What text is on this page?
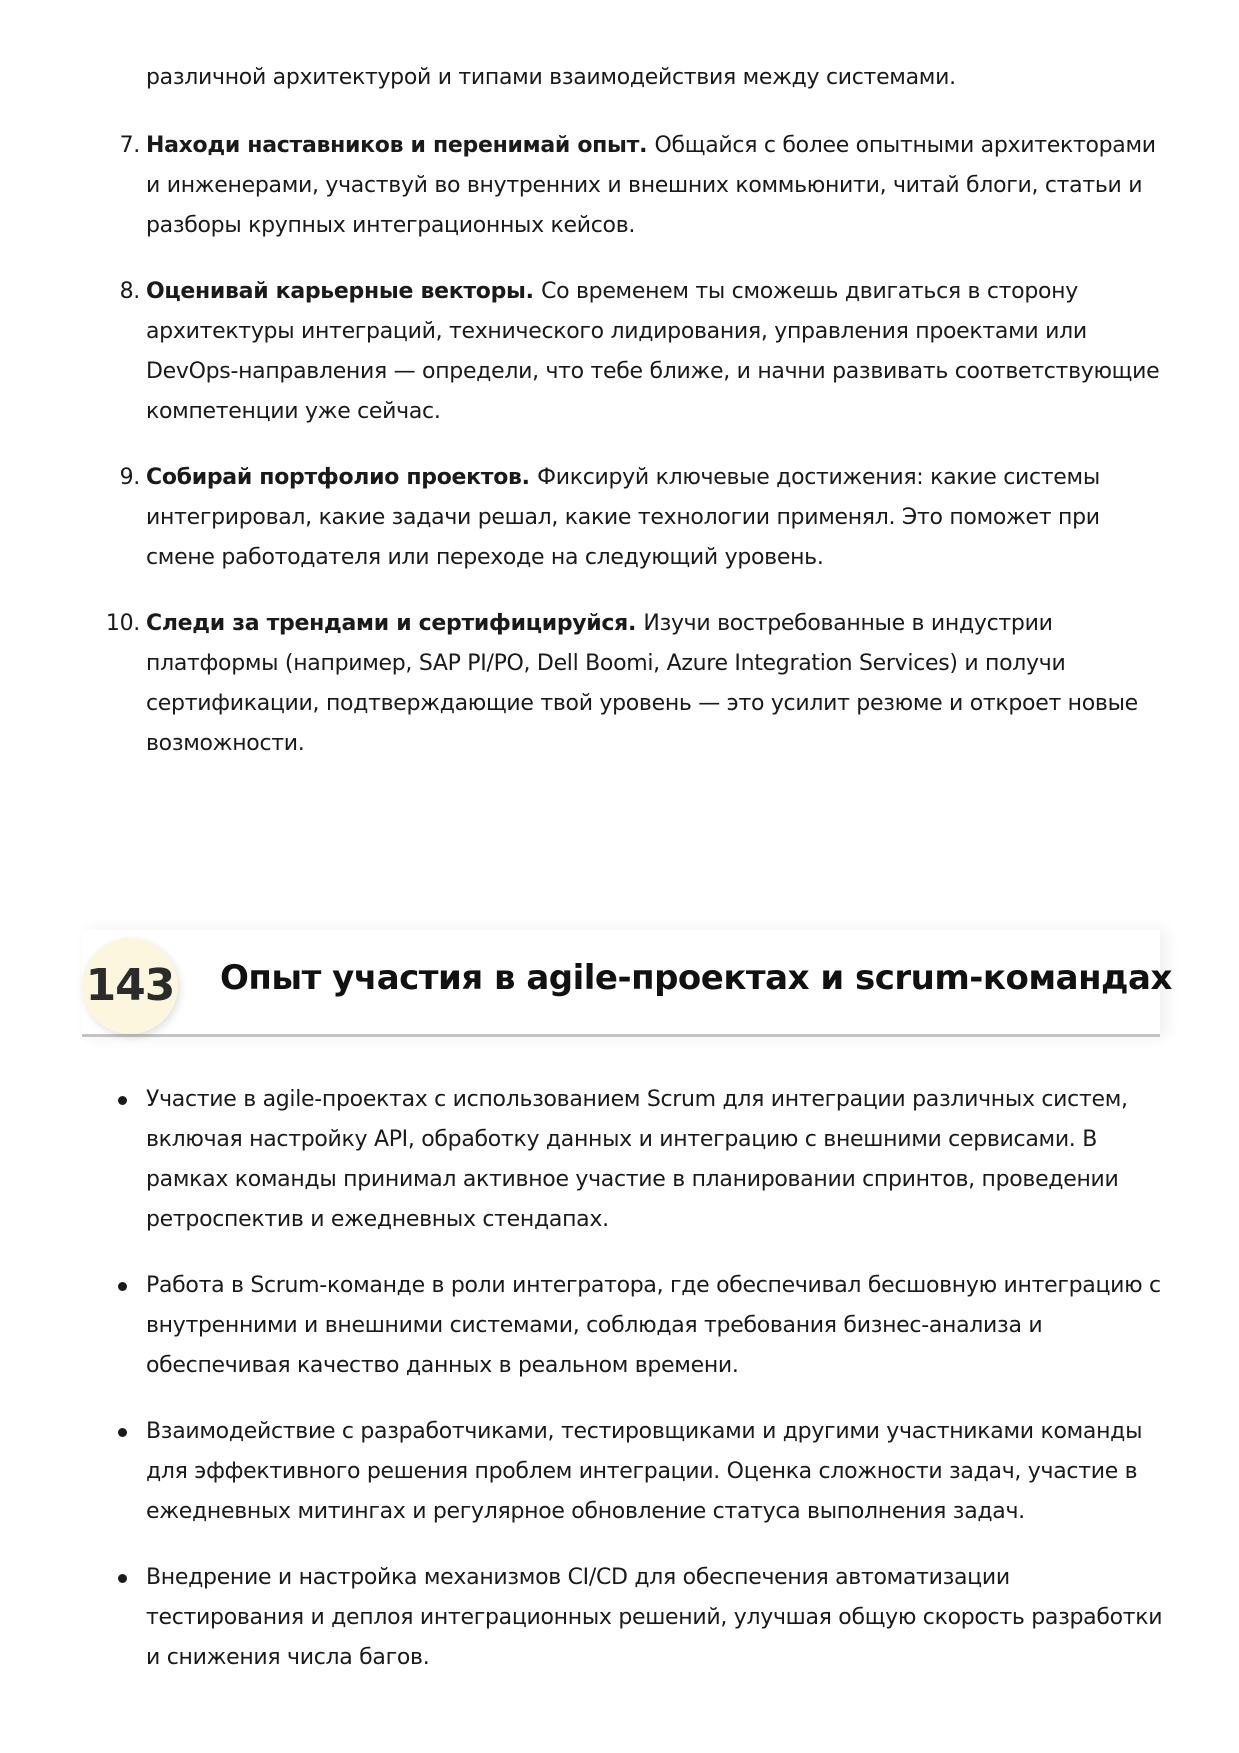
различной архитектурой и типами взаимодействия между системами.

7. Находи наставников и перенимай опыт. Общайся с более опытными архитекторами и инженерами, участвуй во внутренних и внешних коммьюнити, читай блоги, статьи и разборы крупных интеграционных кейсов.
8. Оценивай карьерные векторы. Со временем ты сможешь двигаться в сторону архитектуры интеграций, технического лидирования, управления проектами или DevOps-направления — определи, что тебе ближе, и начни развивать соответствующие компетенции уже сейчас.
9. Собирай портфолио проектов. Фиксируй ключевые достижения: какие системы интегрировал, какие задачи решал, какие технологии применял. Это поможет при смене работодателя или переходе на следующий уровень.
10. Следи за трендами и сертифицируйся. Изучи востребованные в индустрии платформы (например, SAP PI/PO, Dell Boomi, Azure Integration Services) и получи сертификации, подтверждающие твой уровень — это усилит резюме и откроет новые возможности.
143 Опыт участия в agile-проектах и scrum-командах
Участие в agile-проектах с использованием Scrum для интеграции различных систем, включая настройку API, обработку данных и интеграцию с внешними сервисами. В рамках команды принимал активное участие в планировании спринтов, проведении ретроспектив и ежедневных стендапах.
Работа в Scrum-команде в роли интегратора, где обеспечивал бесшовную интеграцию с внутренними и внешними системами, соблюдая требования бизнес-анализа и обеспечивая качество данных в реальном времени.
Взаимодействие с разработчиками, тестировщиками и другими участниками команды для эффективного решения проблем интеграции. Оценка сложности задач, участие в ежедневных митингах и регулярное обновление статуса выполнения задач.
Внедрение и настройка механизмов CI/CD для обеспечения автоматизации тестирования и деплоя интеграционных решений, улучшая общую скорость разработки и снижения числа багов.
